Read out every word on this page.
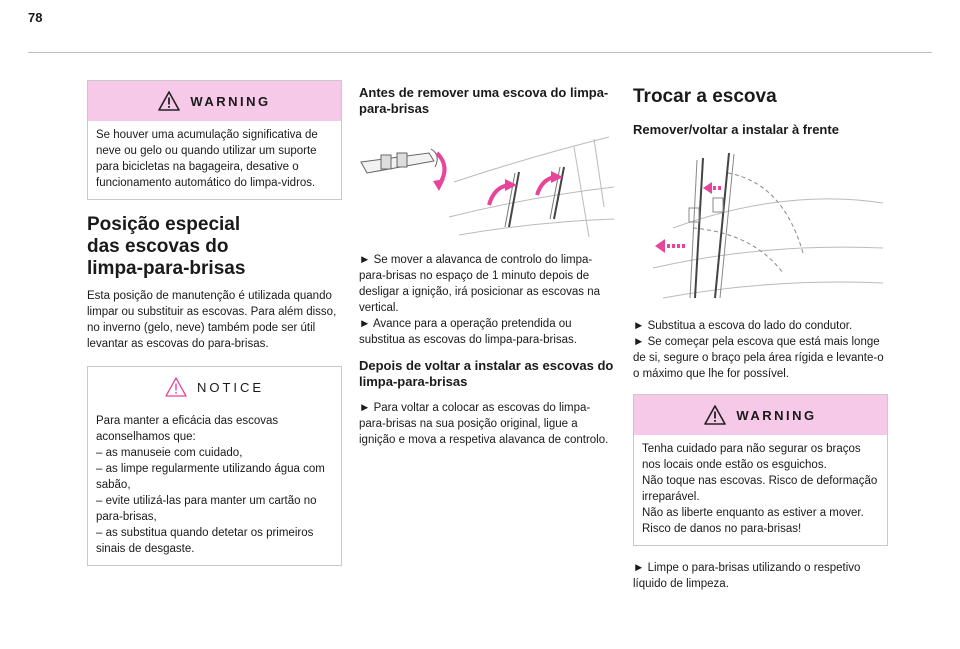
78
WARNING

Se houver uma acumulação significativa de neve ou gelo ou quando utilizar um suporte para bicicletas na bagageira, desative o funcionamento automático do limpa-vidros.

Posição especial
das escovas do
limpa-para-brisas

Esta posição de manutenção é utilizada quando limpar ou substituir as escovas. Para além disso, no inverno (gelo, neve) também pode ser útil levantar as escovas do para-brisas.

NOTICE

Para manter a eficácia das escovas aconselhamos que:

– as manuseie com cuidado,

– as limpe regularmente utilizando água com sabão,

– evite utilizá-las para manter um cartão no para-brisas,

– as substitua quando detetar os primeiros sinais de desgaste.

Antes de remover uma escova do limpa-para-brisas

► Se mover a alavanca de controlo do limpa-para-brisas no espaço de 1 minuto depois de desligar a ignição, irá posicionar as escovas na vertical.

► Avance para a operação pretendida ou substitua as escovas do limpa-para-brisas.

Depois de voltar a instalar as escovas do limpa-para-brisas

► Para voltar a colocar as escovas do limpa-para-brisas na sua posição original, ligue a ignição e mova a respetiva alavanca de controlo.

Trocar a escova
Remover/voltar a instalar à frente

► Substitua a escova do lado do condutor.

► Se começar pela escova que está mais longe de si, segure o braço pela área rígida e levante-o o máximo que lhe for possível.

WARNING

Tenha cuidado para não segurar os braços nos locais onde estão os esguichos.

Não toque nas escovas. Risco de deformação irreparável.

Não as liberte enquanto as estiver a mover. Risco de danos no para-brisas!

► Limpe o para-brisas utilizando o respetivo líquido de limpeza.
